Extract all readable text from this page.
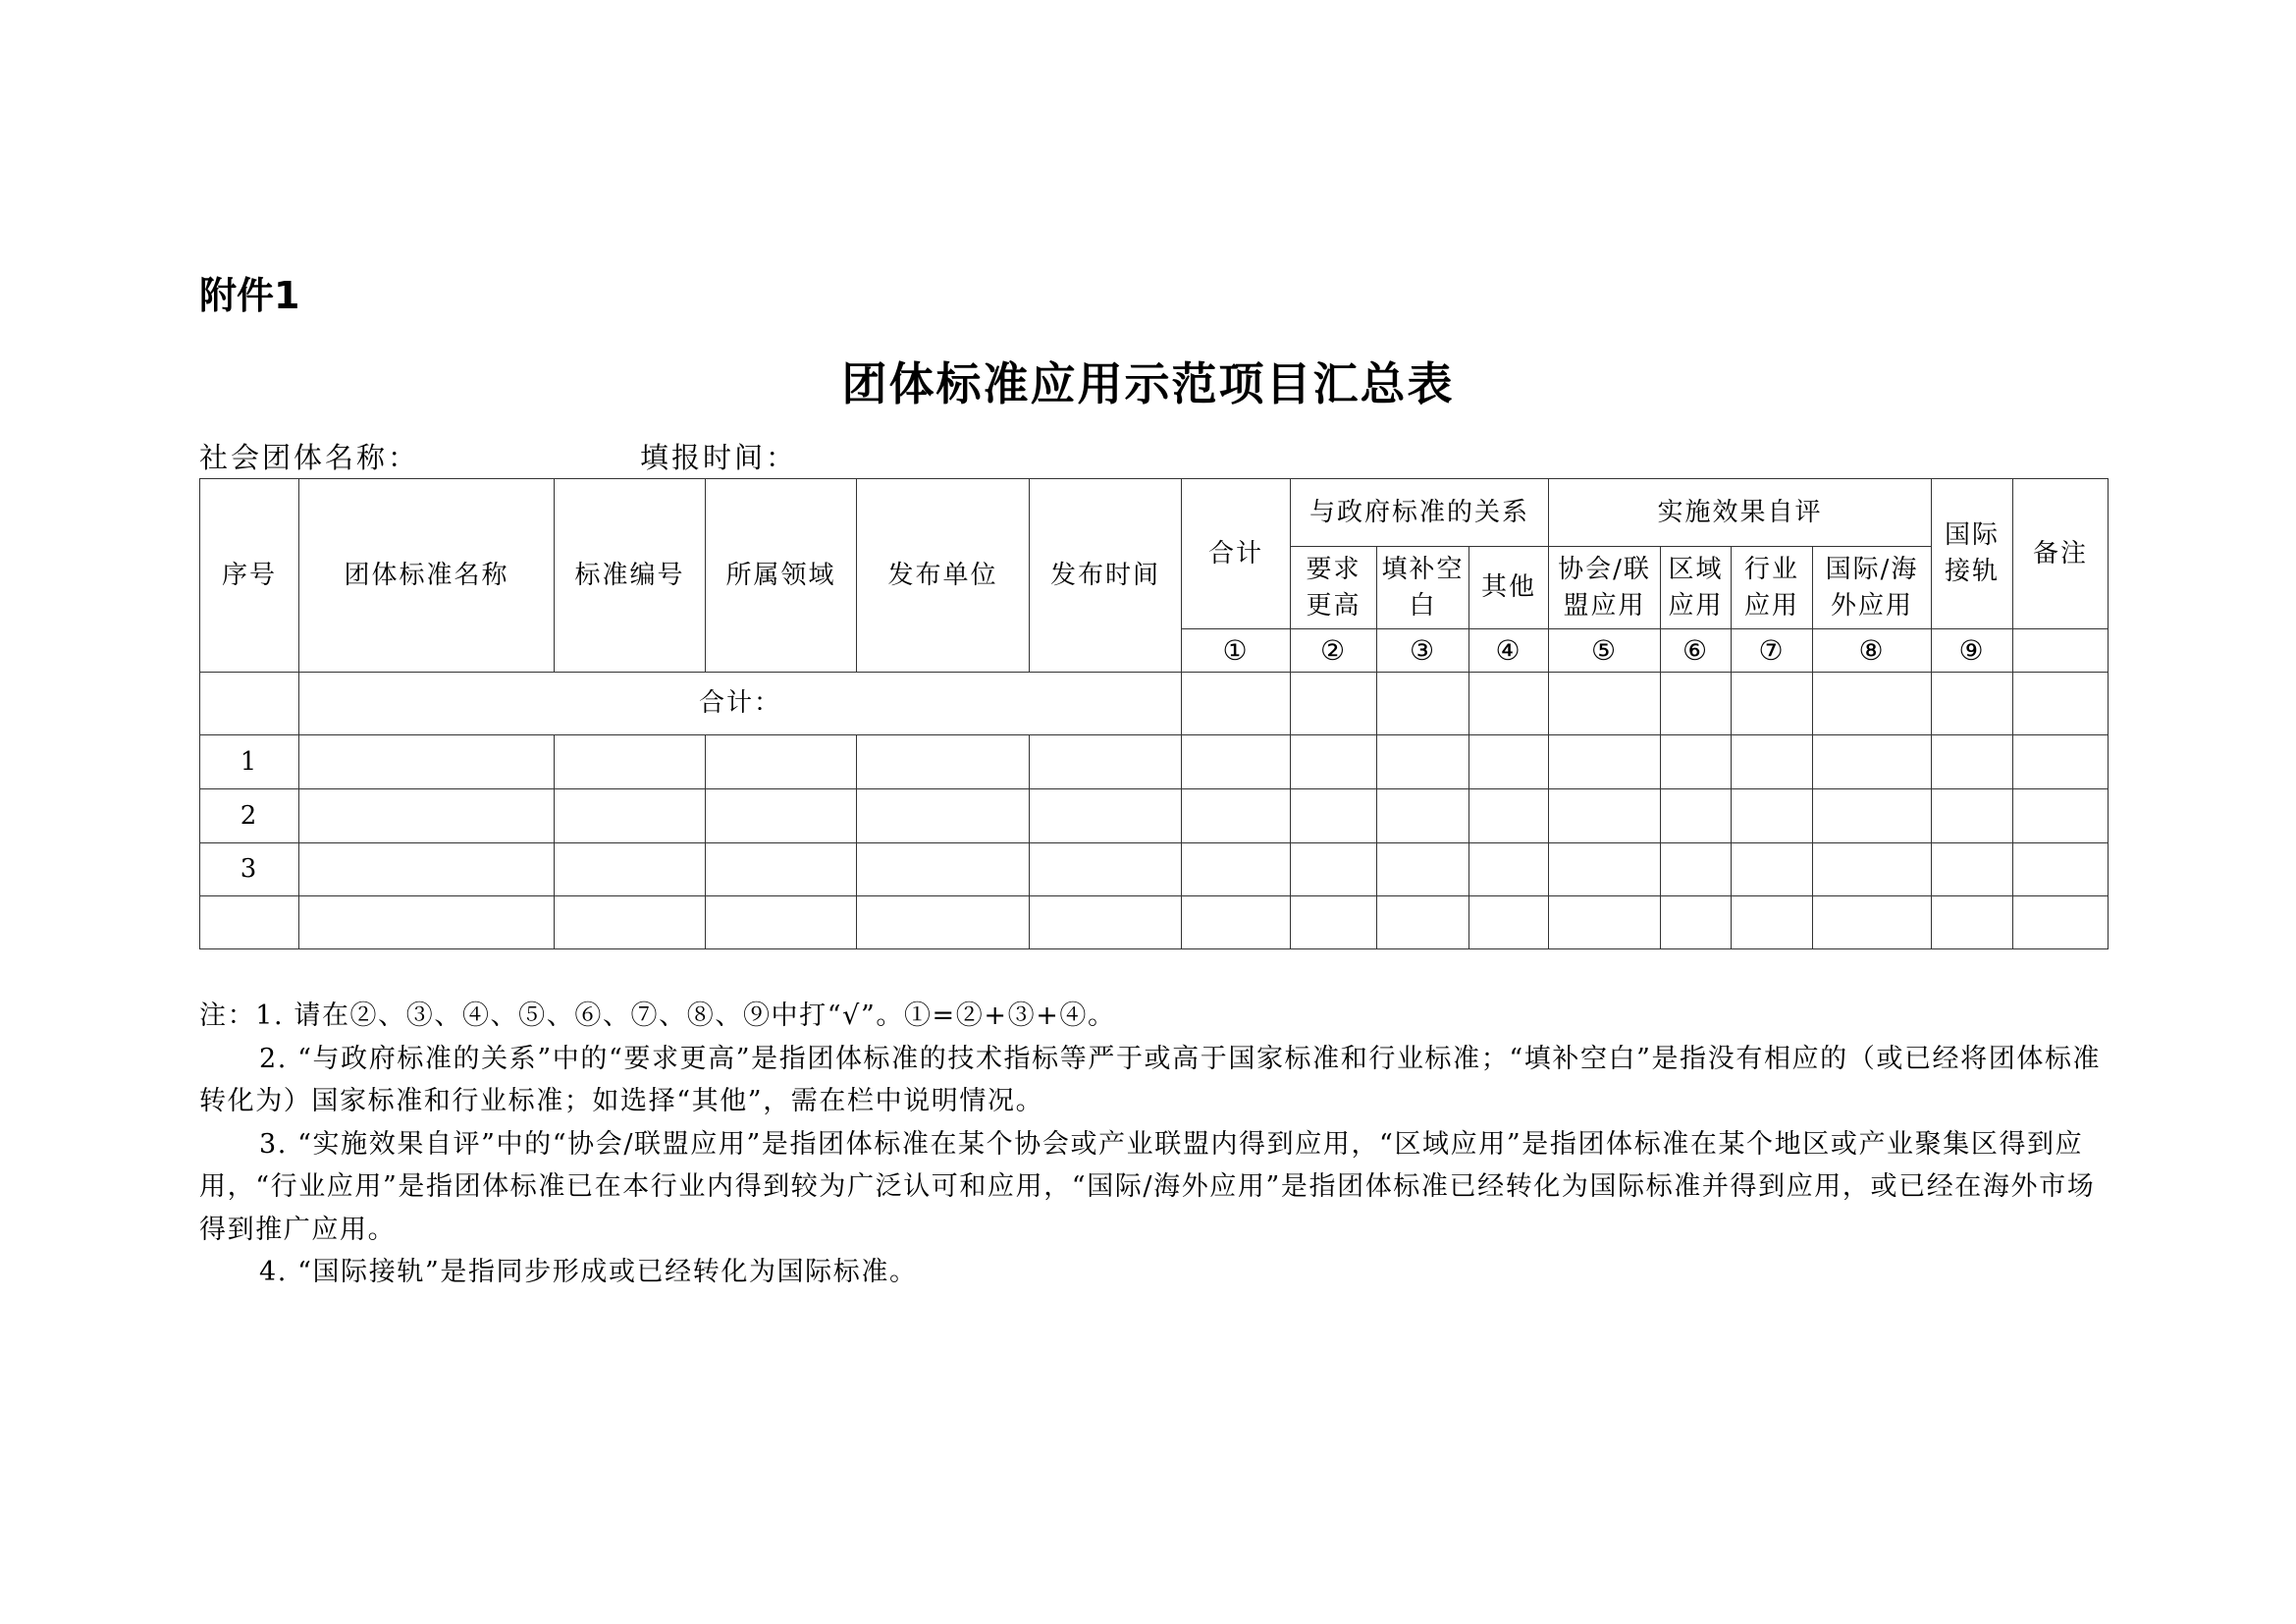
附件1
团体标准应用示范项目汇总表
社会团体名称：	填报时间：
序号	团体标准名称	标准编号	所属领域	发布单位	发布时间	合计	与政府标准的关系			实施效果自评				国际接轨	备注
							要求更高	填补空白	其他	协会/联盟应用	区域应用	行业应用	国际/海外应用		
						①	②	③	④	⑤	⑥	⑦	⑧	⑨	
	合计：														
1															
2															
3															

注：1. 请在②、③、④、⑤、⑥、⑦、⑧、⑨中打“√”。①=②+③+④。

2. “与政府标准的关系”中的“要求更高”是指团体标准的技术指标等严于或高于国家标准和行业标准；“填补空白”是指没有相应的（或已经将团体标准转化为）国家标准和行业标准；如选择“其他”，需在栏中说明情况。

3. “实施效果自评”中的“协会/联盟应用”是指团体标准在某个协会或产业联盟内得到应用，“区域应用”是指团体标准在某个地区或产业聚集区得到应用，“行业应用”是指团体标准已在本行业内得到较为广泛认可和应用，“国际/海外应用”是指团体标准已经转化为国际标准并得到应用，或已经在海外市场得到推广应用。

4. “国际接轨”是指同步形成或已经转化为国际标准。
